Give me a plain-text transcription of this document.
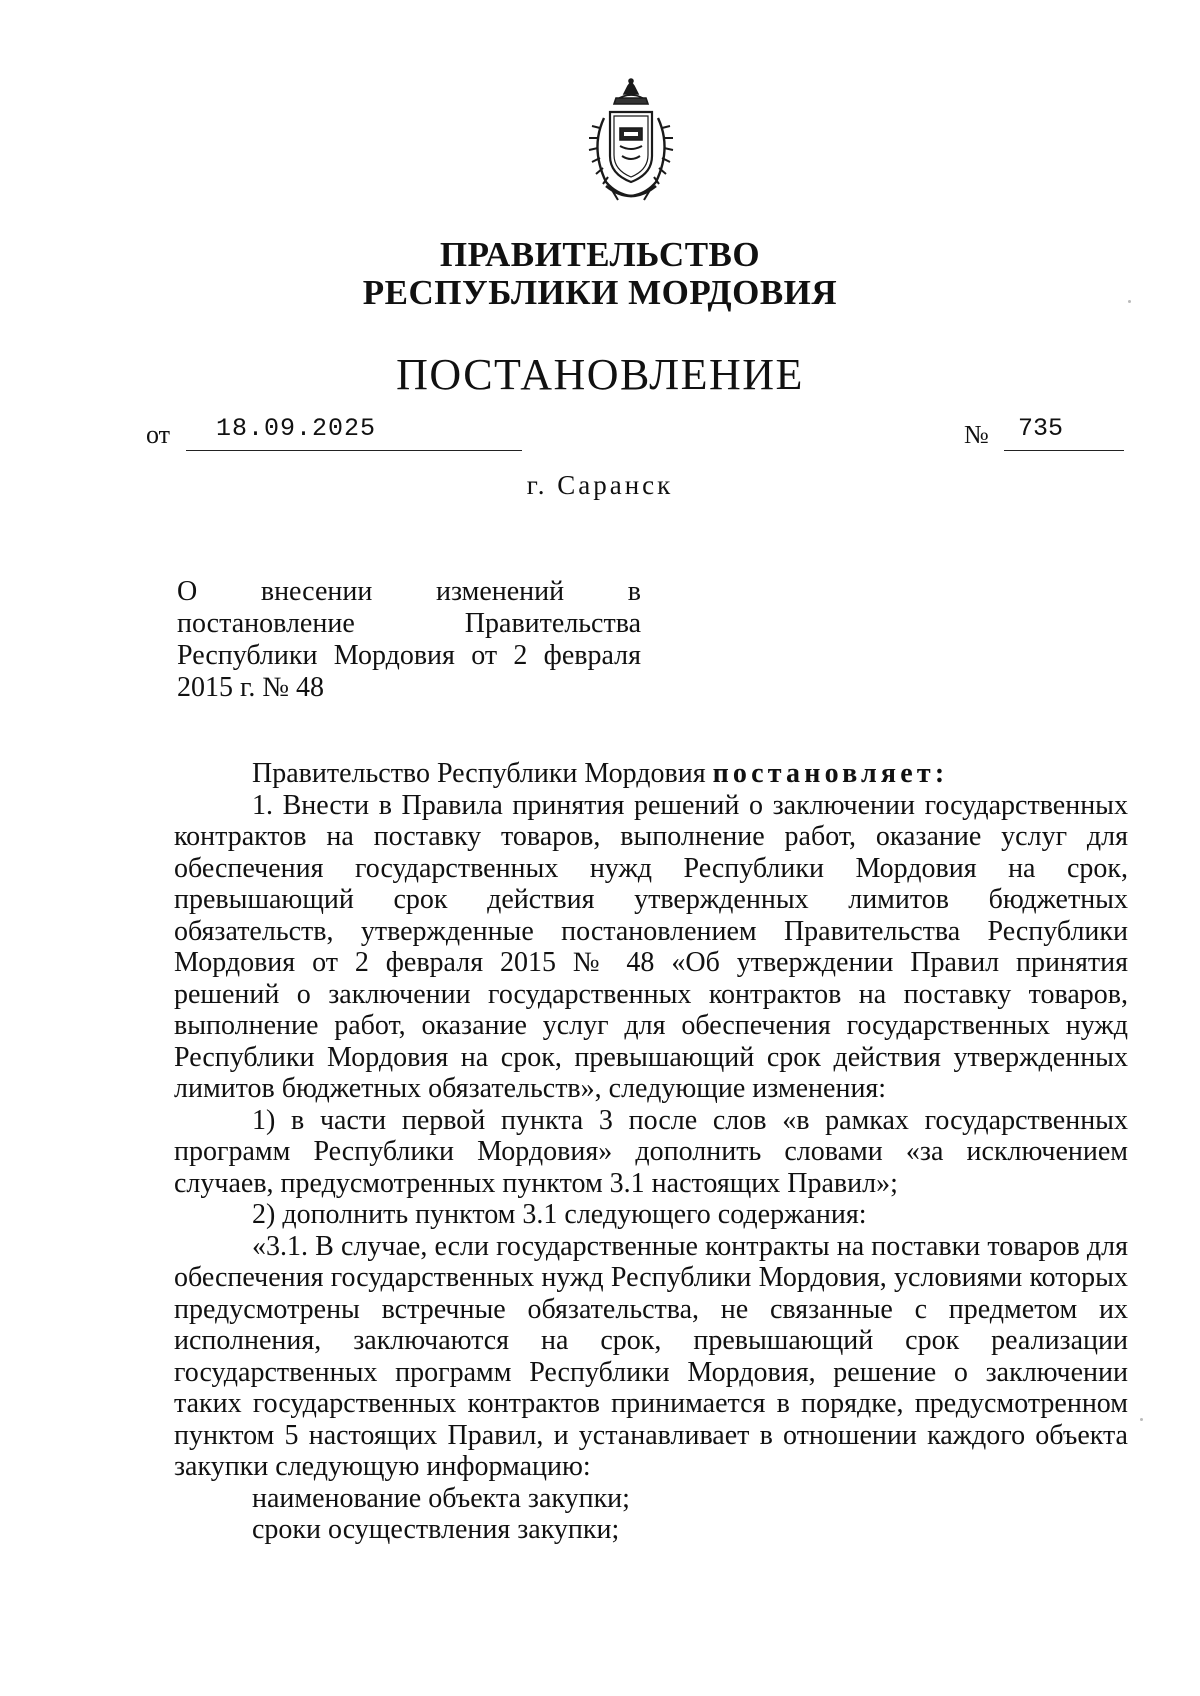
ПРАВИТЕЛЬСТВО
РЕСПУБЛИКИ МОРДОВИЯ
ПОСТАНОВЛЕНИЕ
от 18.09.2025	№ 735
г. Саранск
О внесении изменений в постановление Правительства Республики Мордовия от 2 февраля 2015 г. № 48

Правительство Республики Мордовия постановляет:

1. Внести в Правила принятия решений о заключении государственных контрактов на поставку товаров, выполнение работ, оказание услуг для обеспечения государственных нужд Республики Мордовия на срок, превышающий срок действия утвержденных лимитов бюджетных обязательств, утвержденные постановлением Правительства Республики Мордовия от 2 февраля 2015 № 48 «Об утверждении Правил принятия решений о заключении государственных контрактов на поставку товаров, выполнение работ, оказание услуг для обеспечения государственных нужд Республики Мордовия на срок, превышающий срок действия утвержденных лимитов бюджетных обязательств», следующие изменения:

1) в части первой пункта 3 после слов «в рамках государственных программ Республики Мордовия» дополнить словами «за исключением случаев, предусмотренных пунктом 3.1 настоящих Правил»;

2) дополнить пунктом 3.1 следующего содержания:

«3.1. В случае, если государственные контракты на поставки товаров для обеспечения государственных нужд Республики Мордовия, условиями которых предусмотрены встречные обязательства, не связанные с предметом их исполнения, заключаются на срок, превышающий срок реализации государственных программ Республики Мордовия, решение о заключении таких государственных контрактов принимается в порядке, предусмотренном пунктом 5 настоящих Правил, и устанавливает в отношении каждого объекта закупки следующую информацию:

наименование объекта закупки;

сроки осуществления закупки;
